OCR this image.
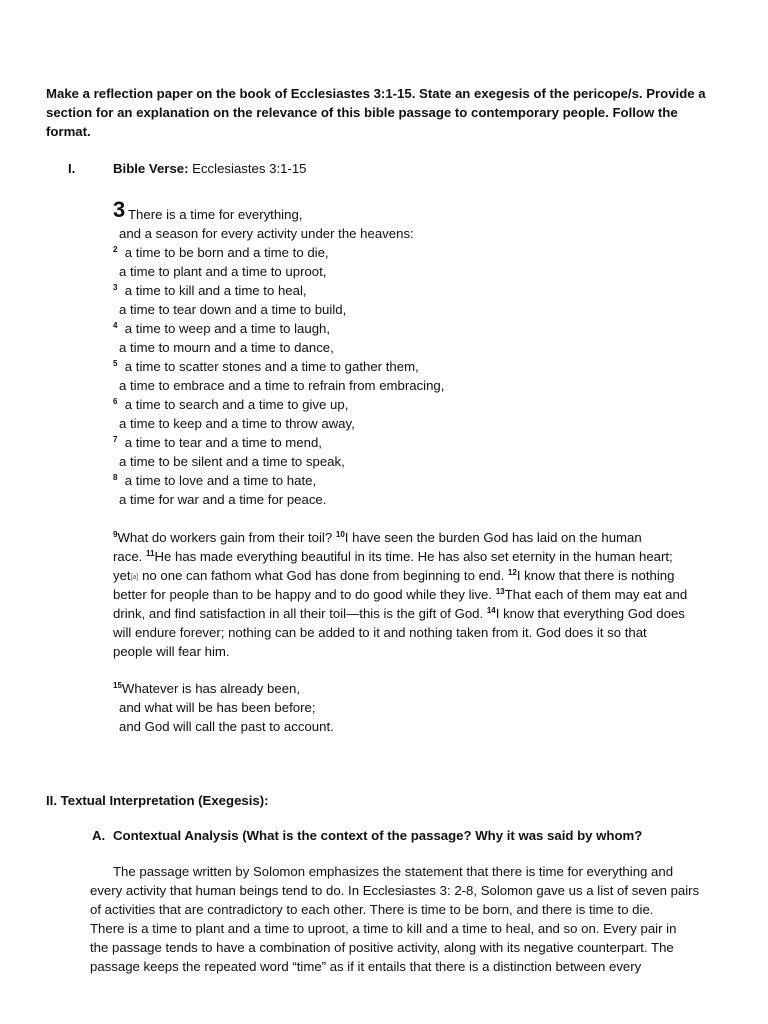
Make a reflection paper on the book of Ecclesiastes 3:1-15. State an exegesis of the pericope/s. Provide a
section for an explanation on the relevance of this bible passage to contemporary people. Follow the
format.
I.	Bible Verse: Ecclesiastes 3:1-15
3 There is a time for everything,
and a season for every activity under the heavens:
$^2$ a time to be born and a time to die,
a time to plant and a time to uproot,
$^3$ a time to kill and a time to heal,
a time to tear down and a time to build,
$^4$ a time to weep and a time to laugh,
a time to mourn and a time to dance,
$^5$ a time to scatter stones and a time to gather them,
a time to embrace and a time to refrain from embracing,
$^6$ a time to search and a time to give up,
a time to keep and a time to throw away,
$^7$ a time to tear and a time to mend,
a time to be silent and a time to speak,
$^8$ a time to love and a time to hate,
a time for war and a time for peace.
$^9$What do workers gain from their toil? $^{10}$I have seen the burden God has laid on the human
race. $^{11}$He has made everything beautiful in its time. He has also set eternity in the human heart;
yet[a] no one can fathom what God has done from beginning to end. $^{12}$I know that there is nothing
better for people than to be happy and to do good while they live. $^{13}$That each of them may eat and
drink, and find satisfaction in all their toil—this is the gift of God. $^{14}$I know that everything God does
will endure forever; nothing can be added to it and nothing taken from it. God does it so that
people will fear him.
$^{15}$Whatever is has already been,
and what will be has been before;
and God will call the past to account.
II. Textual Interpretation (Exegesis):
A. Contextual Analysis (What is the context of the passage? Why it was said by whom?
The passage written by Solomon emphasizes the statement that there is time for everything and
every activity that human beings tend to do. In Ecclesiastes 3: 2-8, Solomon gave us a list of seven pairs
of activities that are contradictory to each other. There is time to be born, and there is time to die.
There is a time to plant and a time to uproot, a time to kill and a time to heal, and so on. Every pair in
the passage tends to have a combination of positive activity, along with its negative counterpart. The
passage keeps the repeated word “time” as if it entails that there is a distinction between every
